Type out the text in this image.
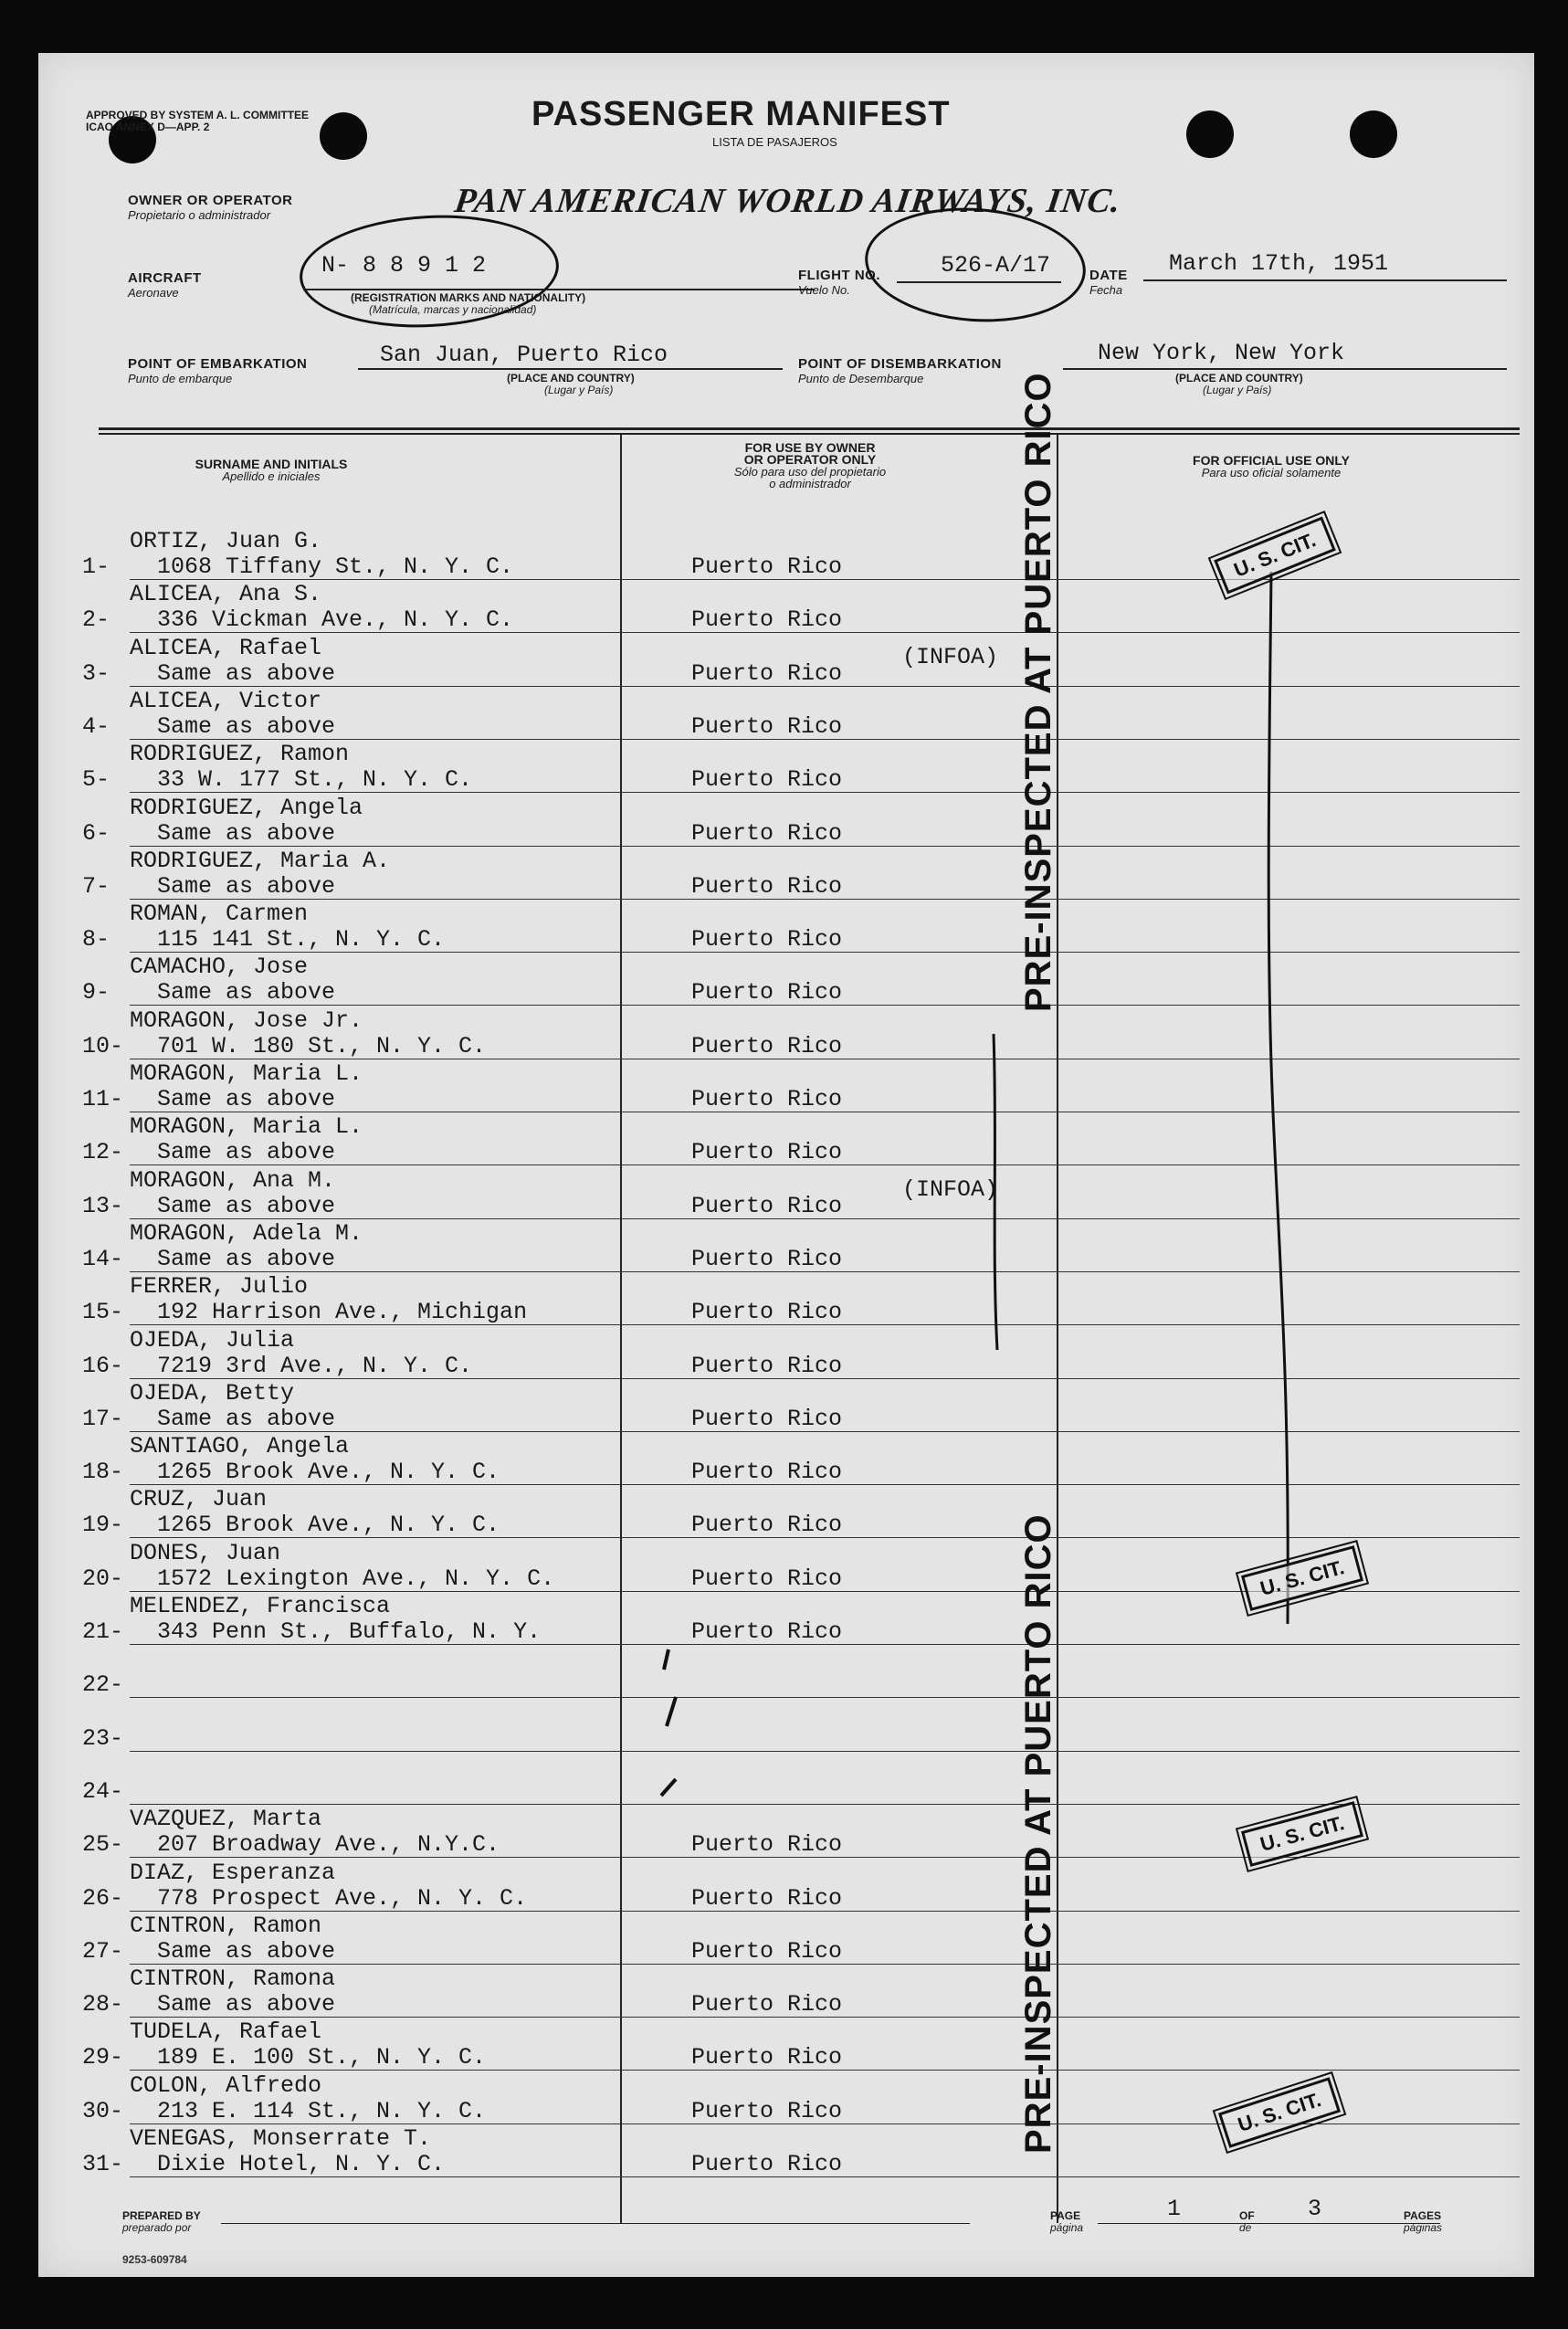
APPROVED BY SYSTEM A. L. COMMITTEE
ICAO ANNEX D—APP. 2	PASSENGER MANIFEST
LISTA DE PASAJEROS
OWNER OR OPERATOR
Propietario o administrador	PAN AMERICAN WORLD AIRWAYS, INC.
AIRCRAFT
Aeronave
N- 8 8 9 1 2
(REGISTRATION MARKS AND NATIONALITY)
(Matrícula, marcas y nacionalidad)
FLIGHT NO.
Vuelo No.
526-A/17	DATE
Fecha
March 17th, 1951
POINT OF EMBARKATION
Punto de embarque
San Juan, Puerto Rico
(PLACE AND COUNTRY)
(Lugar y País)
POINT OF DISEMBARKATION
Punto de Desembarque
New York, New York
(PLACE AND COUNTRY)
(Lugar y País)
SURNAME AND INITIALS
Apellido e iniciales
FOR USE BY OWNER
OR OPERATOR ONLY
Sólo para uso del propietario
o administrador
FOR OFFICIAL USE ONLY
Para uso oficial solamente
ORTIZ, Juan G.
1- 1068 Tiffany St., N. Y. C.	Puerto Rico
ALICEA, Ana S.
2- 336 Vickman Ave., N. Y. C.	Puerto Rico
ALICEA, Rafael
3- Same as above	Puerto Rico
(INFOA)
ALICEA, Victor
4- Same as above	Puerto Rico
RODRIGUEZ, Ramon
5- 33 W. 177 St., N. Y. C.	Puerto Rico
RODRIGUEZ, Angela
6- Same as above	Puerto Rico
RODRIGUEZ, Maria A.
7- Same as above	Puerto Rico
ROMAN, Carmen
8- 115 141 St., N. Y. C.	Puerto Rico
CAMACHO, Jose
9- Same as above	Puerto Rico
MORAGON, Jose Jr.
10- 701 W. 180 St., N. Y. C.	Puerto Rico
MORAGON, Maria L.
11- Same as above	Puerto Rico
MORAGON, Maria L.
12- Same as above	Puerto Rico
MORAGON, Ana M.
13- Same as above	Puerto Rico
(INFOA)
MORAGON, Adela M.
14- Same as above	Puerto Rico
FERRER, Julio
15- 192 Harrison Ave., Michigan	Puerto Rico
OJEDA, Julia
16- 7219 3rd Ave., N. Y. C.	Puerto Rico
OJEDA, Betty
17- Same as above	Puerto Rico
SANTIAGO, Angela
18- 1265 Brook Ave., N. Y. C.	Puerto Rico
CRUZ, Juan
19- 1265 Brook Ave., N. Y. C.	Puerto Rico
DONES, Juan
20- 1572 Lexington Ave., N. Y. C.	Puerto Rico
MELENDEZ, Francisca
21- 343 Penn St., Buffalo, N. Y.	Puerto Rico
22-
23-
24-
VAZQUEZ, Marta
25- 207 Broadway Ave., N.Y.C.	Puerto Rico
DIAZ, Esperanza
26- 778 Prospect Ave., N. Y. C.	Puerto Rico
CINTRON, Ramon
27- Same as above	Puerto Rico
CINTRON, Ramona
28- Same as above	Puerto Rico
TUDELA, Rafael
29- 189 E. 100 St., N. Y. C.	Puerto Rico
COLON, Alfredo
30- 213 E. 114 St., N. Y. C.	Puerto Rico
VENEGAS, Monserrate T.
31- Dixie Hotel, N. Y. C.	Puerto Rico
PRE-INSPECTED AT PUERTO RICO
PRE-INSPECTED AT PUERTO RICO
U. S. CIT.
U. S. CIT.
U. S. CIT.
U. S. CIT.
PREPARED BY
preparado por
PAGE
página
1	OF
de
3	PAGES
páginas
9253-609784
